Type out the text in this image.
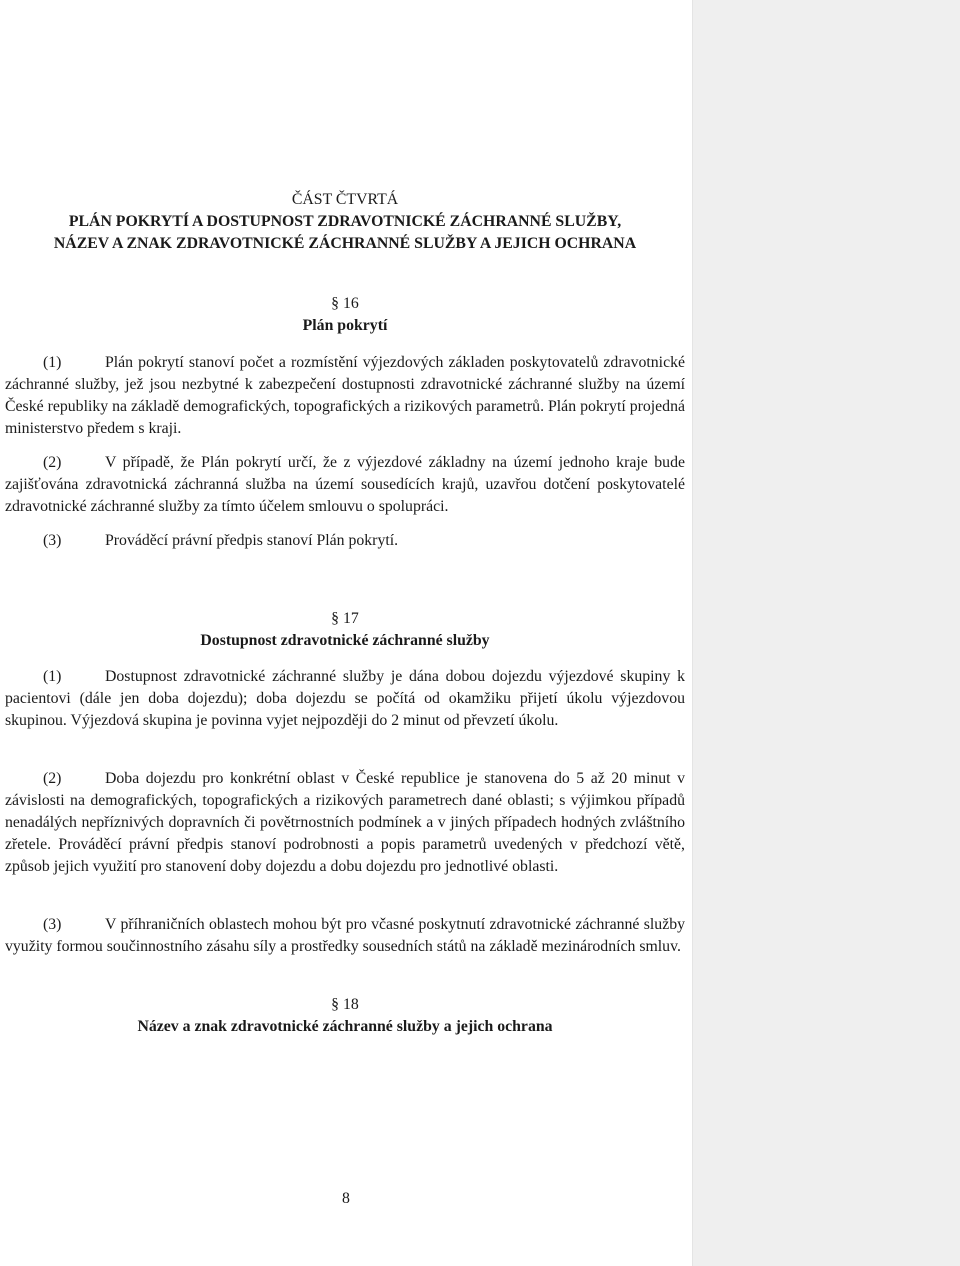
ČÁST ČTVRTÁ
PLÁN POKRYTÍ A DOSTUPNOST ZDRAVOTNICKÉ ZÁCHRANNÉ SLUŽBY,
NÁZEV A ZNAK ZDRAVOTNICKÉ ZÁCHRANNÉ SLUŽBY A JEJICH OCHRANA
§ 16
Plán pokrytí

(1)	Plán pokrytí stanoví počet a rozmístění výjezdových základen poskytovatelů zdravotnické záchranné služby, jež jsou nezbytné k zabezpečení dostupnosti zdravotnické záchranné služby na území České republiky na základě demografických, topografických a rizikových parametrů. Plán pokrytí projedná ministerstvo předem s kraji.

(2)	V případě, že Plán pokrytí určí, že z výjezdové základny na území jednoho kraje bude zajišťována zdravotnická záchranná služba na území sousedících krajů, uzavřou dotčení poskytovatelé zdravotnické záchranné služby za tímto účelem smlouvu o spolupráci.

(3)	Prováděcí právní předpis stanoví Plán pokrytí.

§ 17
Dostupnost zdravotnické záchranné služby

(1)	Dostupnost zdravotnické záchranné služby je dána dobou dojezdu výjezdové skupiny k pacientovi (dále jen doba dojezdu); doba dojezdu se počítá od okamžiku přijetí úkolu výjezdovou skupinou. Výjezdová skupina je povinna vyjet nejpozději do 2 minut od převzetí úkolu.

(2)	Doba dojezdu pro konkrétní oblast v České republice je stanovena do 5 až 20 minut v závislosti na demografických, topografických a rizikových parametrech dané oblasti; s výjimkou případů nenadálých nepříznivých dopravních či povětrnostních podmínek a v jiných případech hodných zvláštního zřetele. Prováděcí právní předpis stanoví podrobnosti a popis parametrů uvedených v předchozí větě, způsob jejich využití pro stanovení doby dojezdu a dobu dojezdu pro jednotlivé oblasti.

(3)	V příhraničních oblastech mohou být pro včasné poskytnutí zdravotnické záchranné služby využity formou součinnostního zásahu síly a prostředky sousedních států na základě mezinárodních smluv.

§ 18
Název a znak zdravotnické záchranné služby a jejich ochrana
8
